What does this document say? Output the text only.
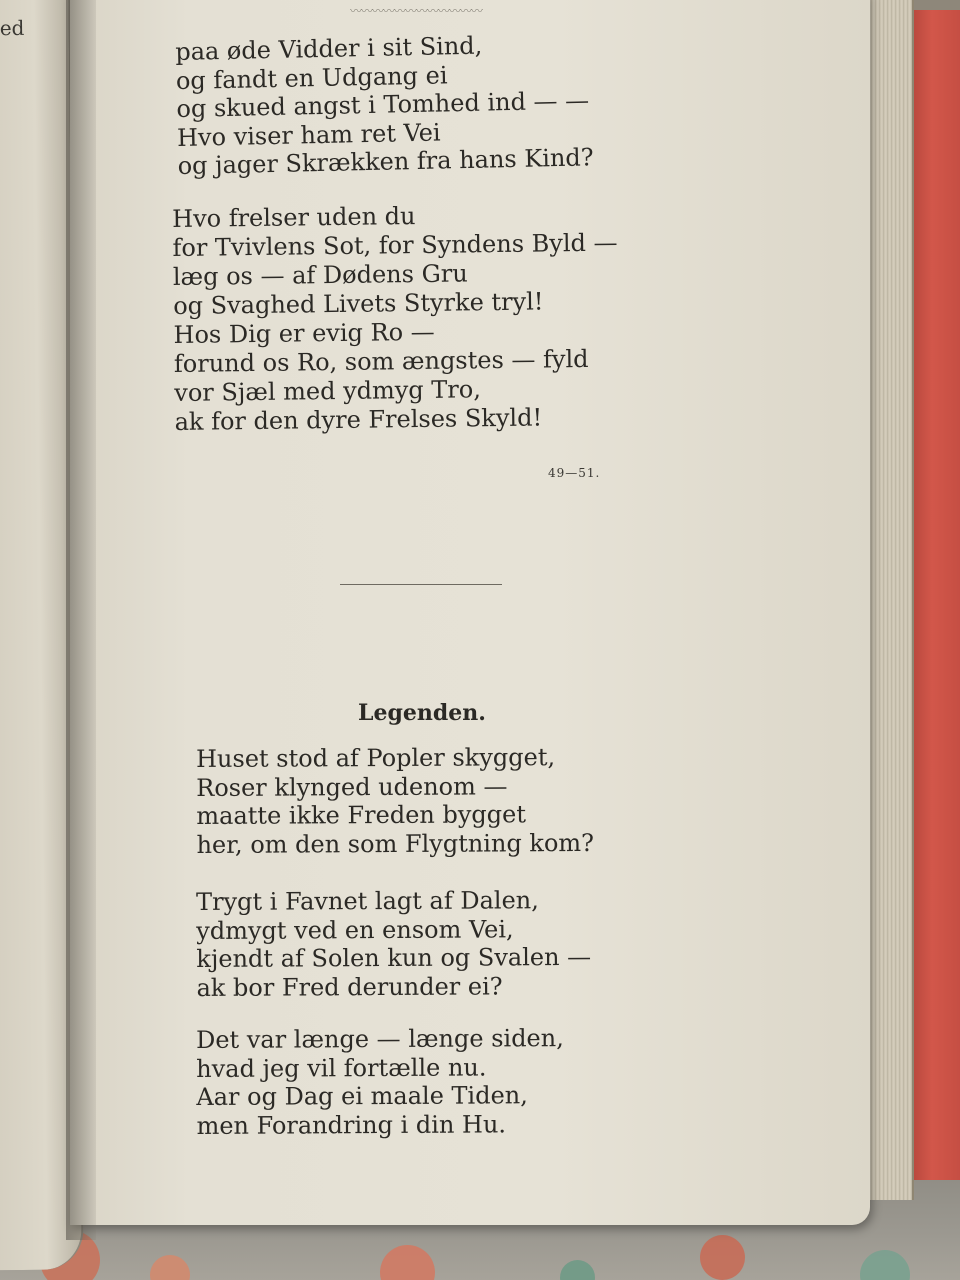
ed
〰〰〰〰〰〰〰〰〰〰〰〰
paa øde Vidder i sit Sind,
og fandt en Udgang ei
og skued angst i Tomhed ind — —
Hvo viser ham ret Vei
og jager Skrækken fra hans Kind?
Hvo frelser uden du
for Tvivlens Sot, for Syndens Byld —
læg os — af Dødens Gru
og Svaghed Livets Styrke tryl!
Hos Dig er evig Ro —
forund os Ro, som ængstes — fyld
vor Sjæl med ydmyg Tro,
ak for den dyre Frelses Skyld!
49—51.
Legenden.
Huset stod af Popler skygget,
Roser klynged udenom —
maatte ikke Freden bygget
her, om den som Flygtning kom?
Trygt i Favnet lagt af Dalen,
ydmygt ved en ensom Vei,
kjendt af Solen kun og Svalen —
ak bor Fred derunder ei?
Det var længe — længe siden,
hvad jeg vil fortælle nu.
Aar og Dag ei maale Tiden,
men Forandring i din Hu.
